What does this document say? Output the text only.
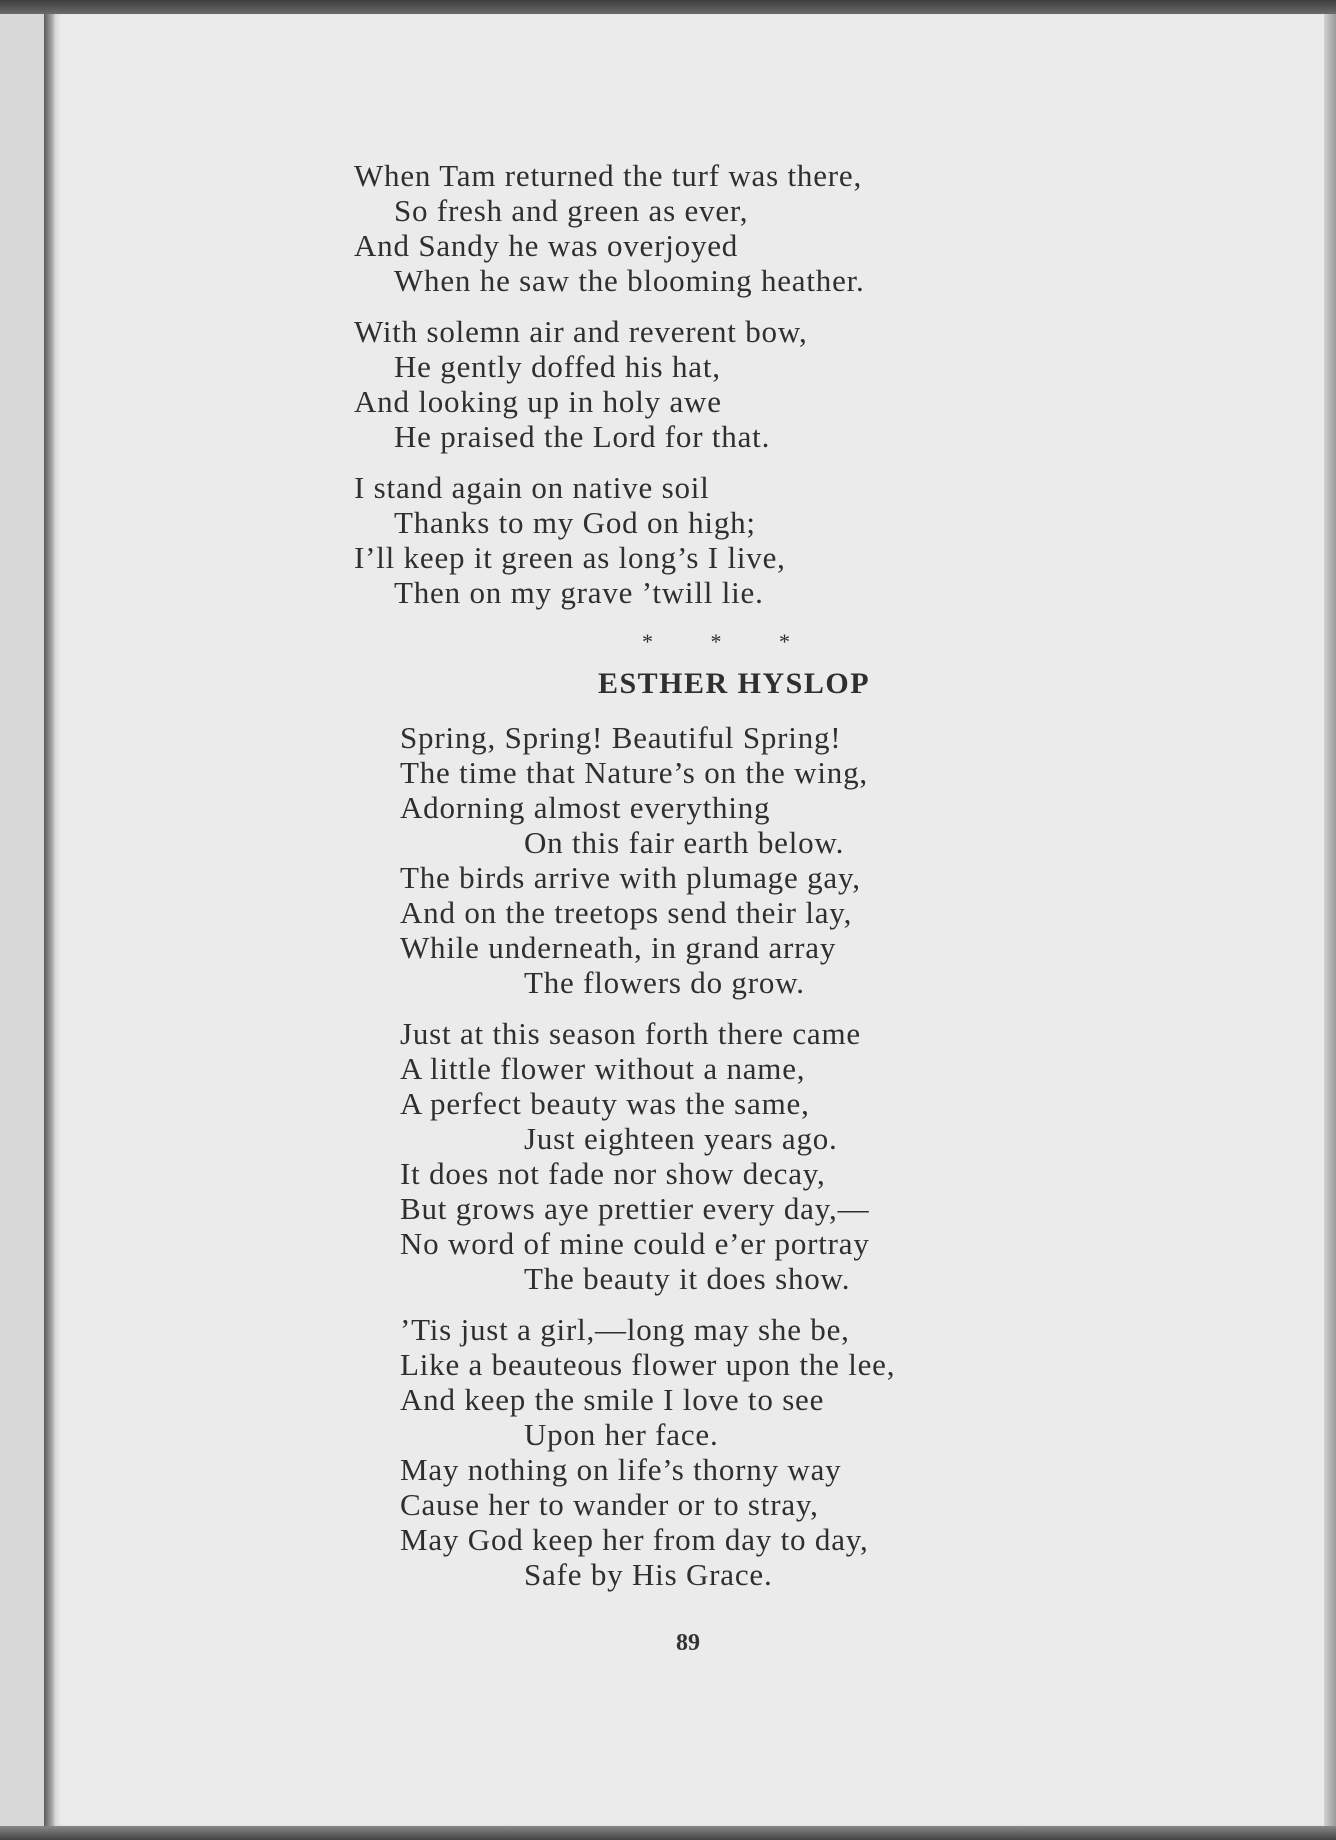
When Tam returned the turf was there,
So fresh and green as ever,
And Sandy he was overjoyed
When he saw the blooming heather.
With solemn air and reverent bow,
He gently doffed his hat,
And looking up in holy awe
He praised the Lord for that.
I stand again on native soil
Thanks to my God on high;
I’ll keep it green as long’s I live,
Then on my grave ’twill lie.
* * *
ESTHER HYSLOP
Spring, Spring! Beautiful Spring!
The time that Nature’s on the wing,
Adorning almost everything
On this fair earth below.
The birds arrive with plumage gay,
And on the treetops send their lay,
While underneath, in grand array
The flowers do grow.
Just at this season forth there came
A little flower without a name,
A perfect beauty was the same,
Just eighteen years ago.
It does not fade nor show decay,
But grows aye prettier every day,—
No word of mine could e’er portray
The beauty it does show.
’Tis just a girl,—long may she be,
Like a beauteous flower upon the lee,
And keep the smile I love to see
Upon her face.
May nothing on life’s thorny way
Cause her to wander or to stray,
May God keep her from day to day,
Safe by His Grace.
89
